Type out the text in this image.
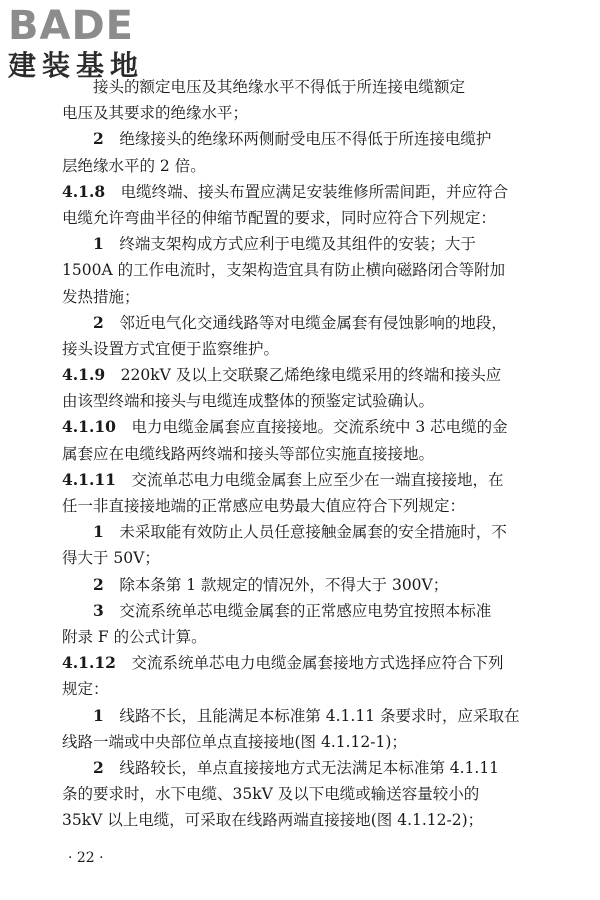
BADE
建装基地
接头的额定电压及其绝缘水平不得低于所连接电缆额定
电压及其要求的绝缘水平；
2　 绝缘接头的绝缘环两侧耐受电压不得低于所连接电缆护
层绝缘水平的 2 倍。
4.1.8　 电缆终端、接头布置应满足安装维修所需间距，并应符合
电缆允许弯曲半径的伸缩节配置的要求，同时应符合下列规定：
1　 终端支架构成方式应利于电缆及其组件的安装；大于
1500A 的工作电流时，支架构造宜具有防止横向磁路闭合等附加
发热措施；
2　 邻近电气化交通线路等对电缆金属套有侵蚀影响的地段，
接头设置方式宜便于监察维护。
4.1.9　 220kV 及以上交联聚乙烯绝缘电缆采用的终端和接头应
由该型终端和接头与电缆连成整体的预鉴定试验确认。
4.1.10　 电力电缆金属套应直接接地。交流系统中 3 芯电缆的金
属套应在电缆线路两终端和接头等部位实施直接接地。
4.1.11　 交流单芯电力电缆金属套上应至少在一端直接接地，在
任一非直接接地端的正常感应电势最大值应符合下列规定：
1　 未采取能有效防止人员任意接触金属套的安全措施时，不
得大于 50V；
2　 除本条第 1 款规定的情况外，不得大于 300V；
3　 交流系统单芯电缆金属套的正常感应电势宜按照本标准
附录 F 的公式计算。
4.1.12　 交流系统单芯电力电缆金属套接地方式选择应符合下列
规定：
1　 线路不长，且能满足本标准第 4.1.11 条要求时，应采取在
线路一端或中央部位单点直接接地(图 4.1.12-1)；
2　 线路较长，单点直接接地方式无法满足本标准第 4.1.11
条的要求时，水下电缆、35kV 及以下电缆或输送容量较小的
35kV 以上电缆，可采取在线路两端直接接地(图 4.1.12-2)；
· 22 ·
